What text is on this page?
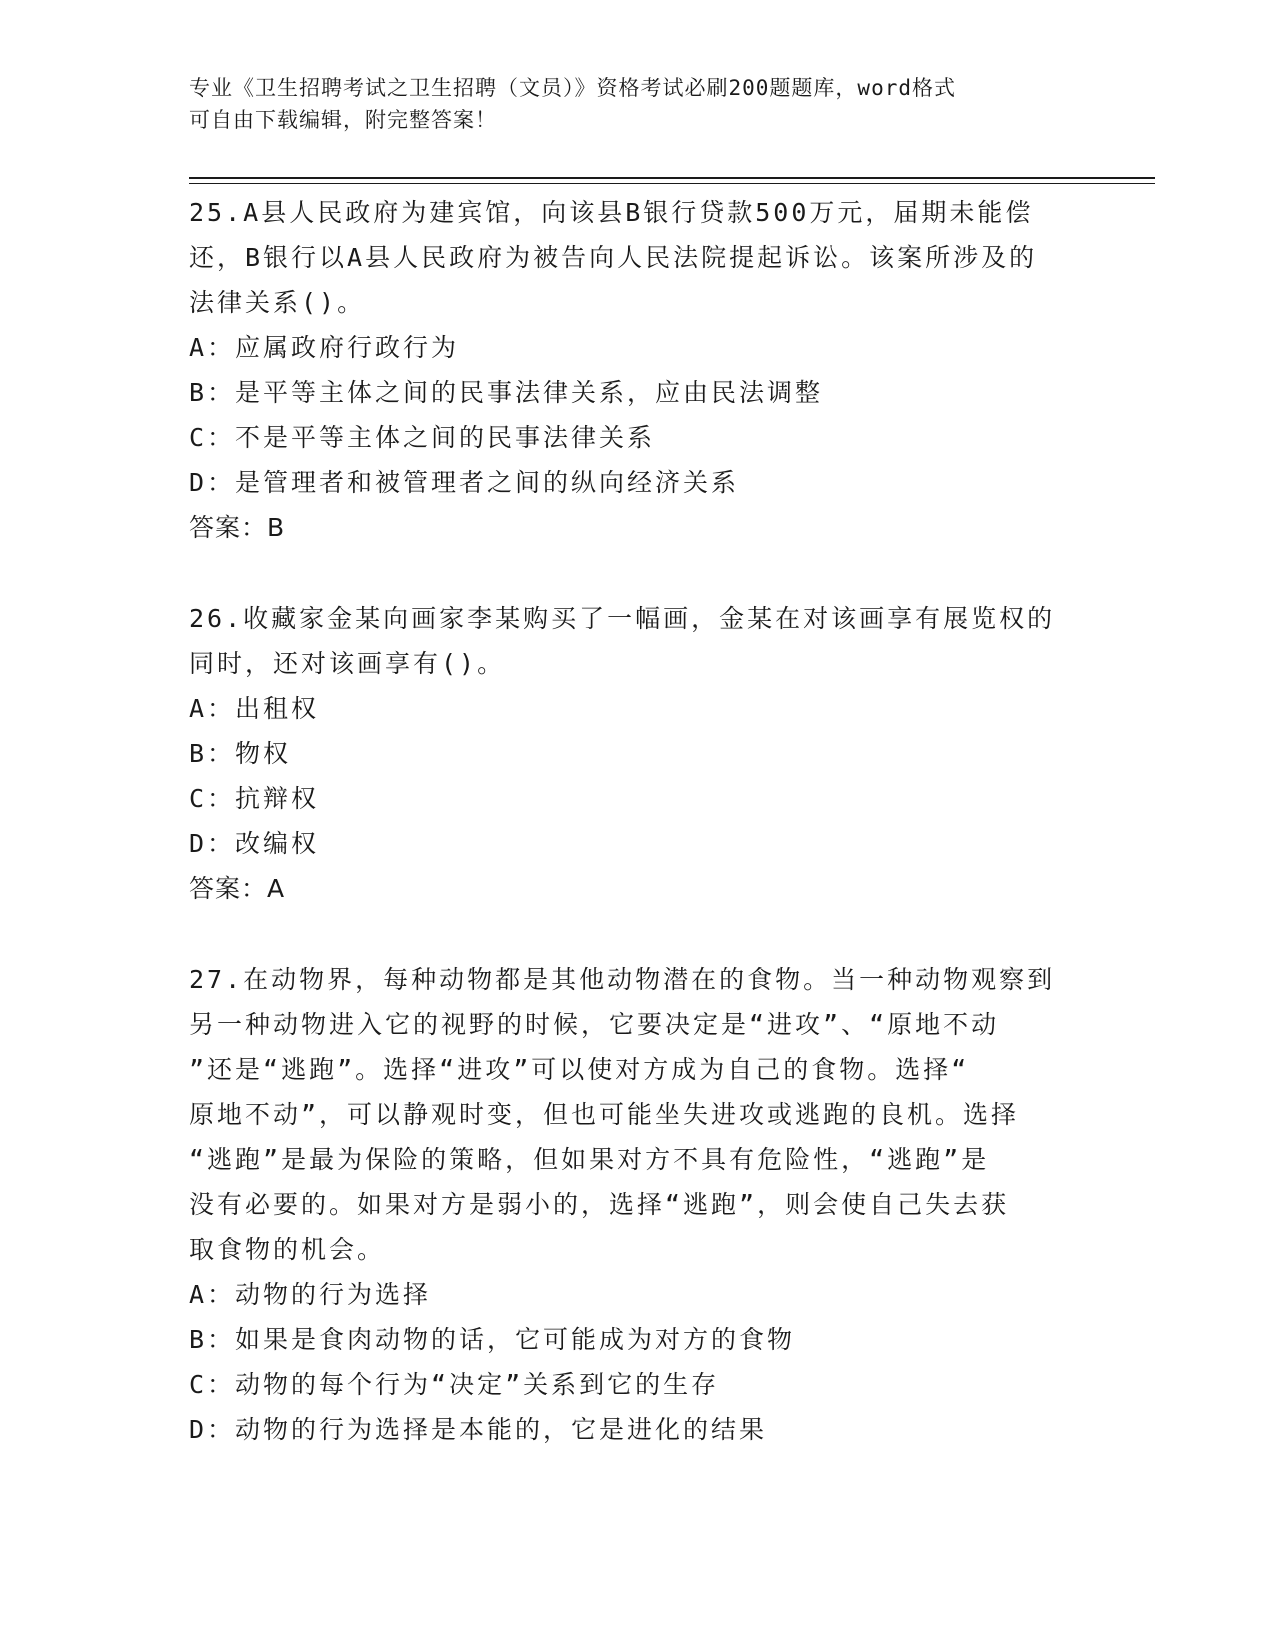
专业《卫生招聘考试之卫生招聘（文员）》资格考试必刷200题题库，word格式
可自由下载编辑，附完整答案！
25.A县人民政府为建宾馆，向该县B银行贷款500万元，届期未能偿
还，B银行以A县人民政府为被告向人民法院提起诉讼。该案所涉及的
法律关系()。
A：应属政府行政行为
B：是平等主体之间的民事法律关系，应由民法调整
C：不是平等主体之间的民事法律关系
D：是管理者和被管理者之间的纵向经济关系
答案：B
26.收藏家金某向画家李某购买了一幅画，金某在对该画享有展览权的
同时，还对该画享有()。
A：出租权
B：物权
C：抗辩权
D：改编权
答案：A
27.在动物界，每种动物都是其他动物潜在的食物。当一种动物观察到
另一种动物进入它的视野的时候，它要决定是“进攻”、“原地不动
”还是“逃跑”。选择“进攻”可以使对方成为自己的食物。选择“
原地不动”，可以静观时变，但也可能坐失进攻或逃跑的良机。选择
“逃跑”是最为保险的策略，但如果对方不具有危险性，“逃跑”是
没有必要的。如果对方是弱小的，选择“逃跑”，则会使自己失去获
取食物的机会。
A：动物的行为选择
B：如果是食肉动物的话，它可能成为对方的食物
C：动物的每个行为“决定”关系到它的生存
D：动物的行为选择是本能的，它是进化的结果
